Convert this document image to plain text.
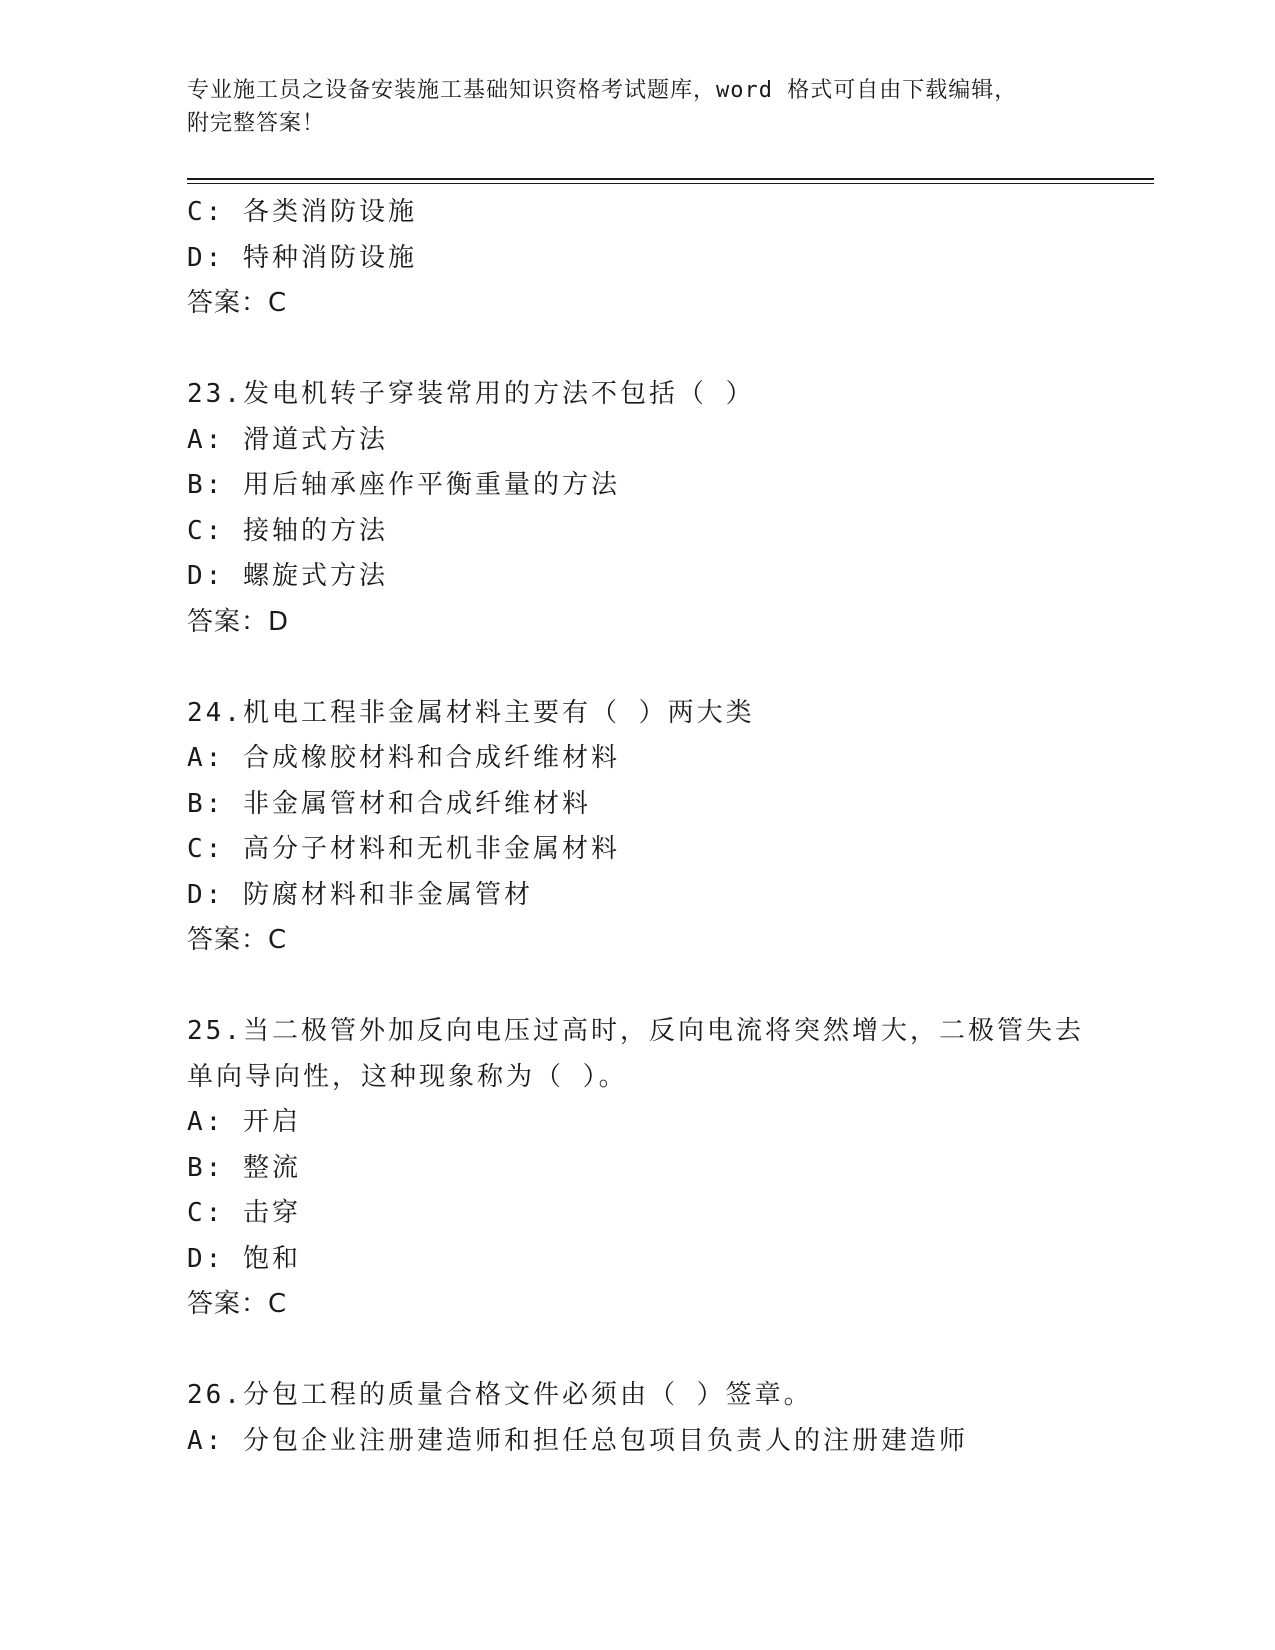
专业施工员之设备安装施工基础知识资格考试题库，word 格式可自由下载编辑，
附完整答案！
C: 各类消防设施
D: 特种消防设施
答案：C
23.发电机转子穿装常用的方法不包括（ ）
A: 滑道式方法
B: 用后轴承座作平衡重量的方法
C: 接轴的方法
D: 螺旋式方法
答案：D
24.机电工程非金属材料主要有（ ）两大类
A: 合成橡胶材料和合成纤维材料
B: 非金属管材和合成纤维材料
C: 高分子材料和无机非金属材料
D: 防腐材料和非金属管材
答案：C
25.当二极管外加反向电压过高时，反向电流将突然增大，二极管失去
单向导向性，这种现象称为（ ）。
A: 开启
B: 整流
C: 击穿
D: 饱和
答案：C
26.分包工程的质量合格文件必须由（ ）签章。
A: 分包企业注册建造师和担任总包项目负责人的注册建造师
